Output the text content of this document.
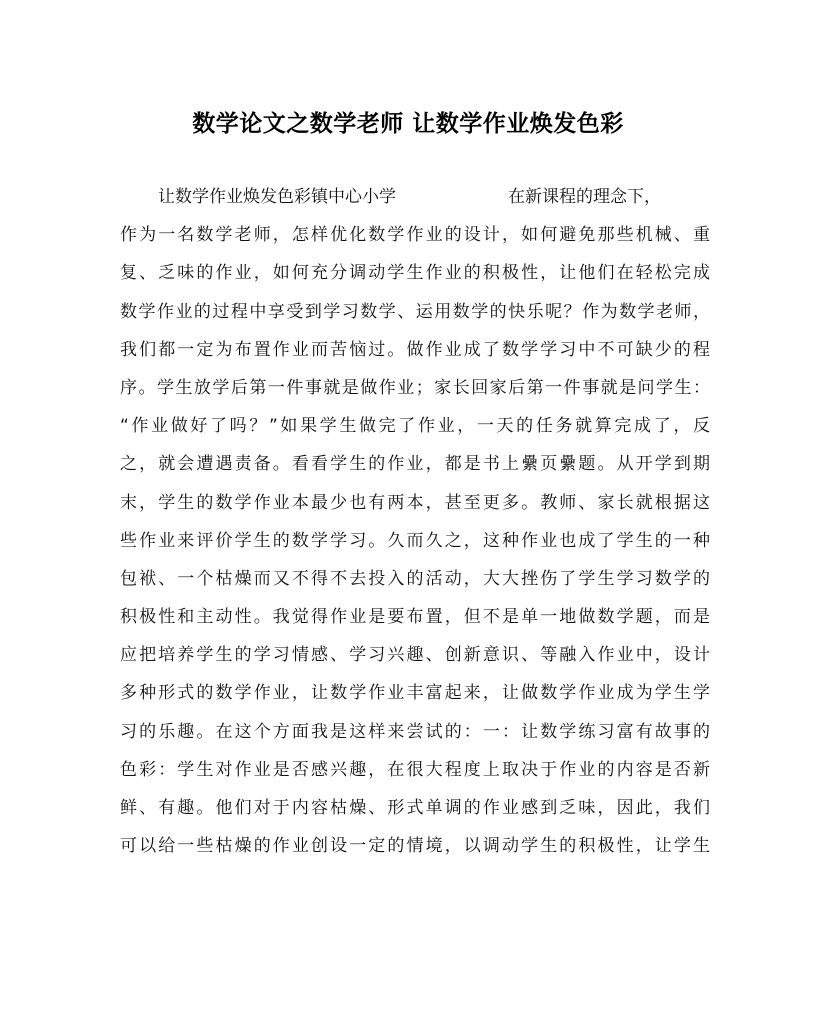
数学论文之数学老师 让数学作业焕发色彩
让数学作业焕发色彩镇中心小学	在新课程的理念下，
作为一名数学老师，怎样优化数学作业的设计，如何避免那些机械、重
复、乏味的作业，如何充分调动学生作业的积极性，让他们在轻松完成
数学作业的过程中享受到学习数学、运用数学的快乐呢？作为数学老师，
我们都一定为布置作业而苦恼过。做作业成了数学学习中不可缺少的程
序。学生放学后第一件事就是做作业；家长回家后第一件事就是问学生：
“作业做好了吗？”如果学生做完了作业，一天的任务就算完成了，反
之，就会遭遇责备。看看学生的作业，都是书上纍页纍题。从开学到期
末，学生的数学作业本最少也有两本，甚至更多。教师、家长就根据这
些作业来评价学生的数学学习。久而久之，这种作业也成了学生的一种
包袱、一个枯燥而又不得不去投入的活动，大大挫伤了学生学习数学的
积极性和主动性。我觉得作业是要布置，但不是单一地做数学题，而是
应把培养学生的学习情感、学习兴趣、创新意识、等融入作业中，设计
多种形式的数学作业，让数学作业丰富起来，让做数学作业成为学生学
习的乐趣。在这个方面我是这样来尝试的：一：让数学练习富有故事的
色彩：学生对作业是否感兴趣，在很大程度上取决于作业的内容是否新
鲜、有趣。他们对于内容枯燥、形式单调的作业感到乏味，因此，我们
可以给一些枯燥的作业创设一定的情境，以调动学生的积极性，让学生
